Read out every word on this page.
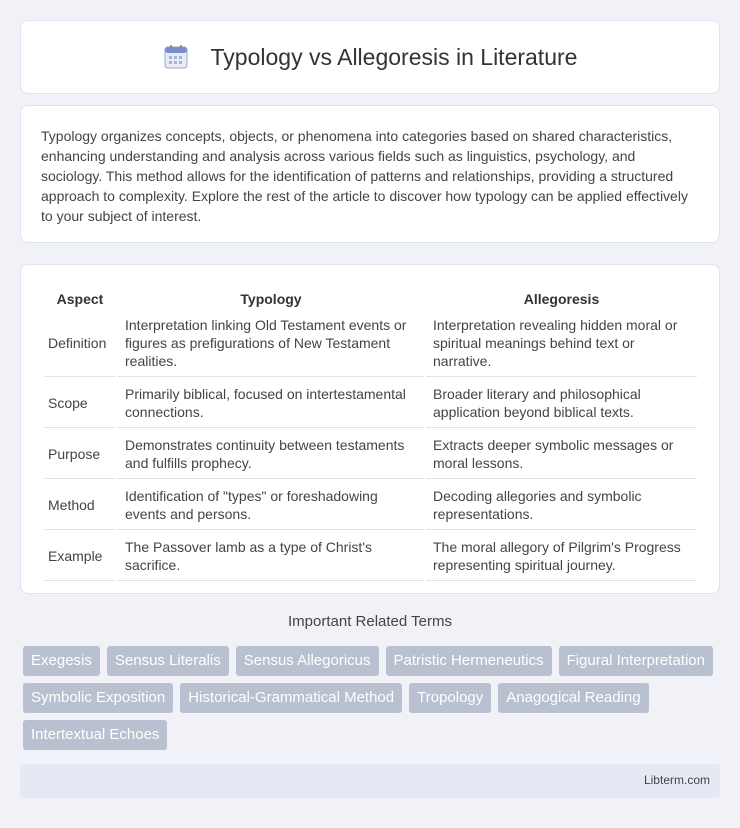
Typology vs Allegoresis in Literature

Typology organizes concepts, objects, or phenomena into categories based on shared characteristics, enhancing understanding and analysis across various fields such as linguistics, psychology, and sociology. This method allows for the identification of patterns and relationships, providing a structured approach to complexity. Explore the rest of the article to discover how typology can be applied effectively to your subject of interest.

Aspect	Typology	Allegoresis
Definition	Interpretation linking Old Testament events or figures as prefigurations of New Testament realities.	Interpretation revealing hidden moral or spiritual meanings behind text or narrative.
Scope	Primarily biblical, focused on intertestamental connections.	Broader literary and philosophical application beyond biblical texts.
Purpose	Demonstrates continuity between testaments and fulfills prophecy.	Extracts deeper symbolic messages or moral lessons.
Method	Identification of "types" or foreshadowing events and persons.	Decoding allegories and symbolic representations.
Example	The Passover lamb as a type of Christ's sacrifice.	The moral allegory of Pilgrim's Progress representing spiritual journey.
Important Related Terms
Exegesis	Sensus Literalis	Sensus Allegoricus	Patristic Hermeneutics	Figural Interpretation
Symbolic Exposition	Historical-Grammatical Method	Tropology	Anagogical Reading
Intertextual Echoes
Libterm.com
